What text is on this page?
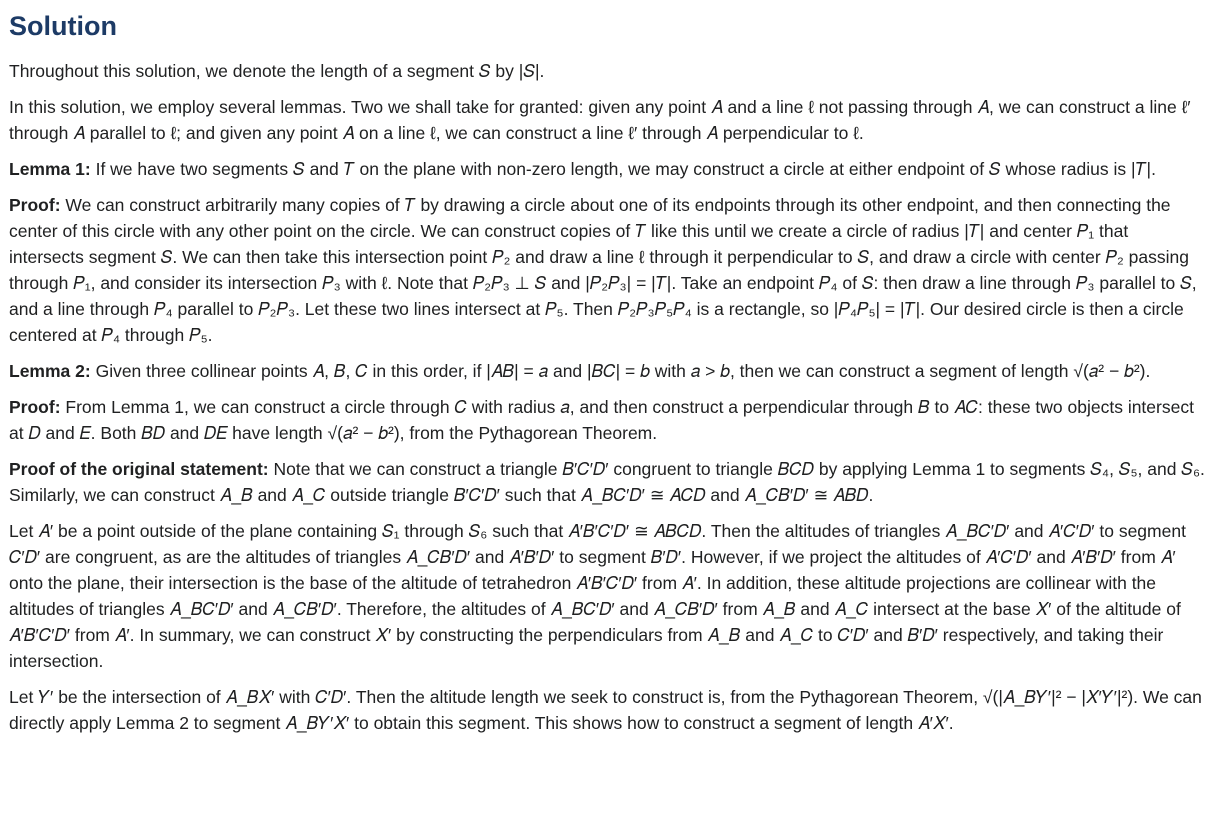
Solution

Throughout this solution, we denote the length of a segment 𝑆 by |𝑆|.

In this solution, we employ several lemmas. Two we shall take for granted: given any point 𝐴 and a line ℓ not passing through 𝐴, we can construct a line ℓ′ through 𝐴 parallel to ℓ; and given any point 𝐴 on a line ℓ, we can construct a line ℓ′ through 𝐴 perpendicular to ℓ.

Lemma 1: If we have two segments 𝑆 and 𝑇 on the plane with non-zero length, we may construct a circle at either endpoint of 𝑆 whose radius is |𝑇|.

Proof: We can construct arbitrarily many copies of 𝑇 by drawing a circle about one of its endpoints through its other endpoint, and then connecting the center of this circle with any other point on the circle. We can construct copies of 𝑇 like this until we create a circle of radius |𝑇| and center 𝑃₁ that intersects segment 𝑆. We can then take this intersection point 𝑃₂ and draw a line ℓ through it perpendicular to 𝑆, and draw a circle with center 𝑃₂ passing through 𝑃₁, and consider its intersection 𝑃₃ with ℓ. Note that 𝑃₂𝑃₃ ⊥ 𝑆 and |𝑃₂𝑃₃| = |𝑇|. Take an endpoint 𝑃₄ of 𝑆: then draw a line through 𝑃₃ parallel to 𝑆, and a line through 𝑃₄ parallel to 𝑃₂𝑃₃. Let these two lines intersect at 𝑃₅. Then 𝑃₂𝑃₃𝑃₅𝑃₄ is a rectangle, so |𝑃₄𝑃₅| = |𝑇|. Our desired circle is then a circle centered at 𝑃₄ through 𝑃₅.

Lemma 2: Given three collinear points 𝐴, 𝐵, 𝐶 in this order, if |𝐴𝐵| = 𝑎 and |𝐵𝐶| = 𝑏 with 𝑎 > 𝑏, then we can construct a segment of length √(𝑎² − 𝑏²).

Proof: From Lemma 1, we can construct a circle through 𝐶 with radius 𝑎, and then construct a perpendicular through 𝐵 to 𝐴𝐶: these two objects intersect at 𝐷 and 𝐸. Both 𝐵𝐷 and 𝐷𝐸 have length √(𝑎² − 𝑏²), from the Pythagorean Theorem.

Proof of the original statement: Note that we can construct a triangle 𝐵′𝐶′𝐷′ congruent to triangle 𝐵𝐶𝐷 by applying Lemma 1 to segments 𝑆₄, 𝑆₅, and 𝑆₆. Similarly, we can construct 𝐴_𝐵 and 𝐴_𝐶 outside triangle 𝐵′𝐶′𝐷′ such that 𝐴_𝐵𝐶′𝐷′ ≅ 𝐴𝐶𝐷 and 𝐴_𝐶𝐵′𝐷′ ≅ 𝐴𝐵𝐷.

Let 𝐴′ be a point outside of the plane containing 𝑆₁ through 𝑆₆ such that 𝐴′𝐵′𝐶′𝐷′ ≅ 𝐴𝐵𝐶𝐷. Then the altitudes of triangles 𝐴_𝐵𝐶′𝐷′ and 𝐴′𝐶′𝐷′ to segment 𝐶′𝐷′ are congruent, as are the altitudes of triangles 𝐴_𝐶𝐵′𝐷′ and 𝐴′𝐵′𝐷′ to segment 𝐵′𝐷′. However, if we project the altitudes of 𝐴′𝐶′𝐷′ and 𝐴′𝐵′𝐷′ from 𝐴′ onto the plane, their intersection is the base of the altitude of tetrahedron 𝐴′𝐵′𝐶′𝐷′ from 𝐴′. In addition, these altitude projections are collinear with the altitudes of triangles 𝐴_𝐵𝐶′𝐷′ and 𝐴_𝐶𝐵′𝐷′. Therefore, the altitudes of 𝐴_𝐵𝐶′𝐷′ and 𝐴_𝐶𝐵′𝐷′ from 𝐴_𝐵 and 𝐴_𝐶 intersect at the base 𝑋′ of the altitude of 𝐴′𝐵′𝐶′𝐷′ from 𝐴′. In summary, we can construct 𝑋′ by constructing the perpendiculars from 𝐴_𝐵 and 𝐴_𝐶 to 𝐶′𝐷′ and 𝐵′𝐷′ respectively, and taking their intersection.

Let 𝑌′ be the intersection of 𝐴_𝐵𝑋′ with 𝐶′𝐷′. Then the altitude length we seek to construct is, from the Pythagorean Theorem, √(|𝐴_𝐵𝑌′|² − |𝑋′𝑌′|²). We can directly apply Lemma 2 to segment 𝐴_𝐵𝑌′𝑋′ to obtain this segment. This shows how to construct a segment of length 𝐴′𝑋′.
